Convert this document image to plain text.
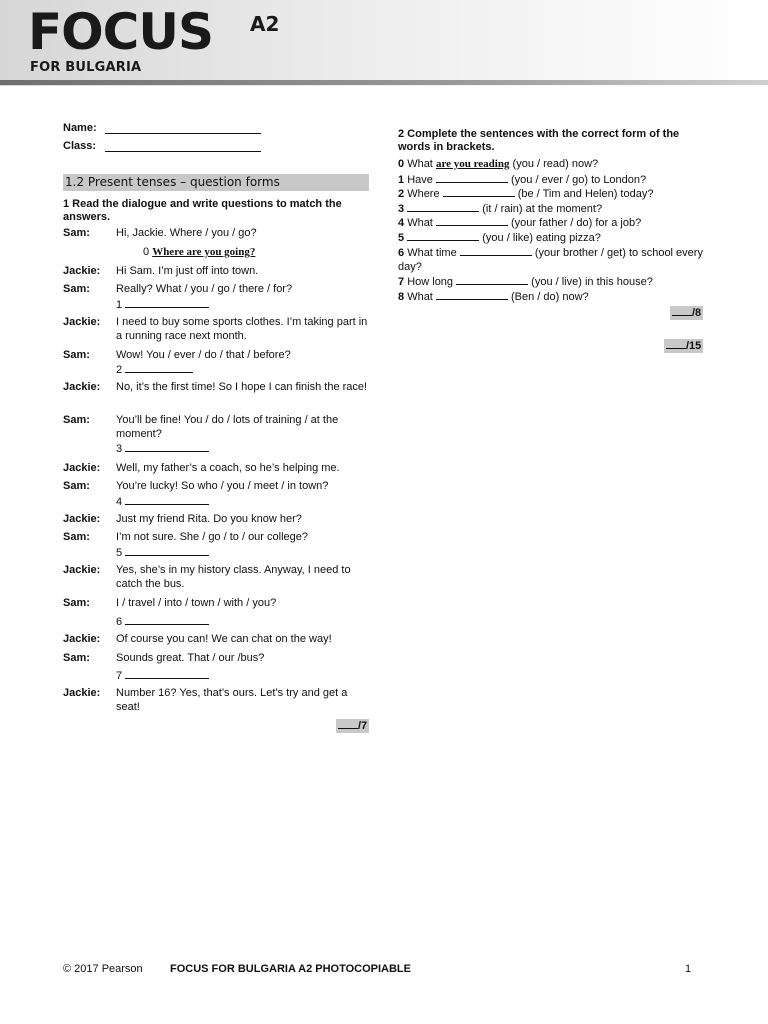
FOCUS A2
FOR BULGARIA
Name:
Class:
1.2 Present tenses – question forms
1 Read the dialogue and write questions to match the answers.
Sam:	Hi, Jackie. Where / you / go?
0 Where are you going?
Jackie:	Hi Sam. I’m just off into town.
Sam:	Really? What / you / go / there / for?
1
Jackie:	I need to buy some sports clothes. I’m taking part in a running race next month.
Sam:	Wow! You / ever / do / that / before?
2
Jackie:	No, it’s the first time! So I hope I can finish the race!
Sam:	You’ll be fine! You / do / lots of training / at the moment?
3
Jackie:	Well, my father’s a coach, so he’s helping me.
Sam:	You’re lucky! So who / you / meet / in town?
4
Jackie:	Just my friend Rita. Do you know her?
Sam:	I’m not sure. She / go / to / our college?
5
Jackie:	Yes, she’s in my history class. Anyway, I need to catch the bus.
Sam:	I / travel / into / town / with / you?
6
Jackie:	Of course you can! We can chat on the way!
Sam:	Sounds great. That / our /bus?
7
Jackie:	Number 16? Yes, that’s ours. Let’s try and get a seat!
/7
2 Complete the sentences with the correct form of the words in brackets.
0 What are you reading (you / read) now?
1 Have	(you / ever / go) to London?
2 Where	(be / Tim and Helen) today?
3	(it / rain) at the moment?
4 What	(your father / do) for a job?
5	(you / like) eating pizza?
6 What time	(your brother / get) to school every day?
7 How long	(you / live) in this house?
8 What	(Ben / do) now?
/8
/15
© 2017 Pearson FOCUS FOR BULGARIA A2 PHOTOCOPIABLE	1
